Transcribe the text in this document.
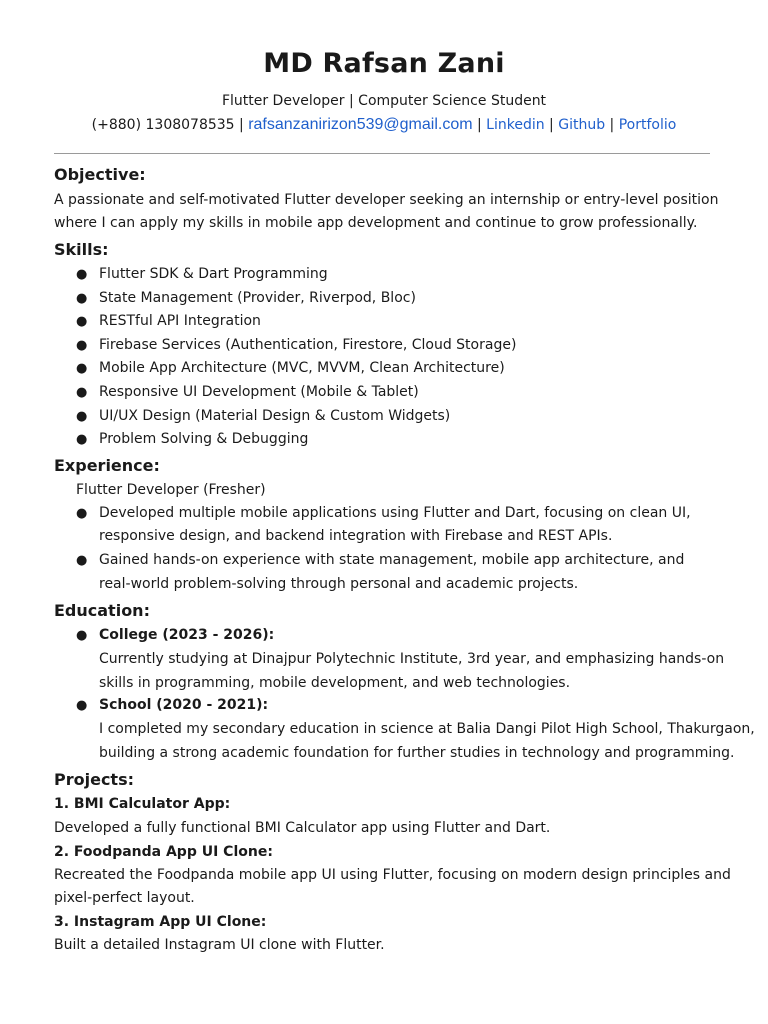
MD Rafsan Zani
Flutter Developer | Computer Science Student
(+880) 1308078535 | rafsanzanirizon539@gmail.com | Linkedin | Github | Portfolio
Objective:
A passionate and self-motivated Flutter developer seeking an internship or entry-level position
where I can apply my skills in mobile app development and continue to grow professionally.
Skills:
● Flutter SDK & Dart Programming
● State Management (Provider, Riverpod, Bloc)
● RESTful API Integration
● Firebase Services (Authentication, Firestore, Cloud Storage)
● Mobile App Architecture (MVC, MVVM, Clean Architecture)
● Responsive UI Development (Mobile & Tablet)
● UI/UX Design (Material Design & Custom Widgets)
● Problem Solving & Debugging
Experience:
Flutter Developer (Fresher)
● Developed multiple mobile applications using Flutter and Dart, focusing on clean UI,
responsive design, and backend integration with Firebase and REST APIs.
● Gained hands-on experience with state management, mobile app architecture, and
real-world problem-solving through personal and academic projects.
Education:
● College (2023 - 2026):
Currently studying at Dinajpur Polytechnic Institute, 3rd year, and emphasizing hands-on
skills in programming, mobile development, and web technologies.
● School (2020 - 2021):
I completed my secondary education in science at Balia Dangi Pilot High School, Thakurgaon,
building a strong academic foundation for further studies in technology and programming.
Projects:
1. BMI Calculator App:
Developed a fully functional BMI Calculator app using Flutter and Dart.
2. Foodpanda App UI Clone:
Recreated the Foodpanda mobile app UI using Flutter, focusing on modern design principles and
pixel-perfect layout.
3. Instagram App UI Clone:
Built a detailed Instagram UI clone with Flutter.
